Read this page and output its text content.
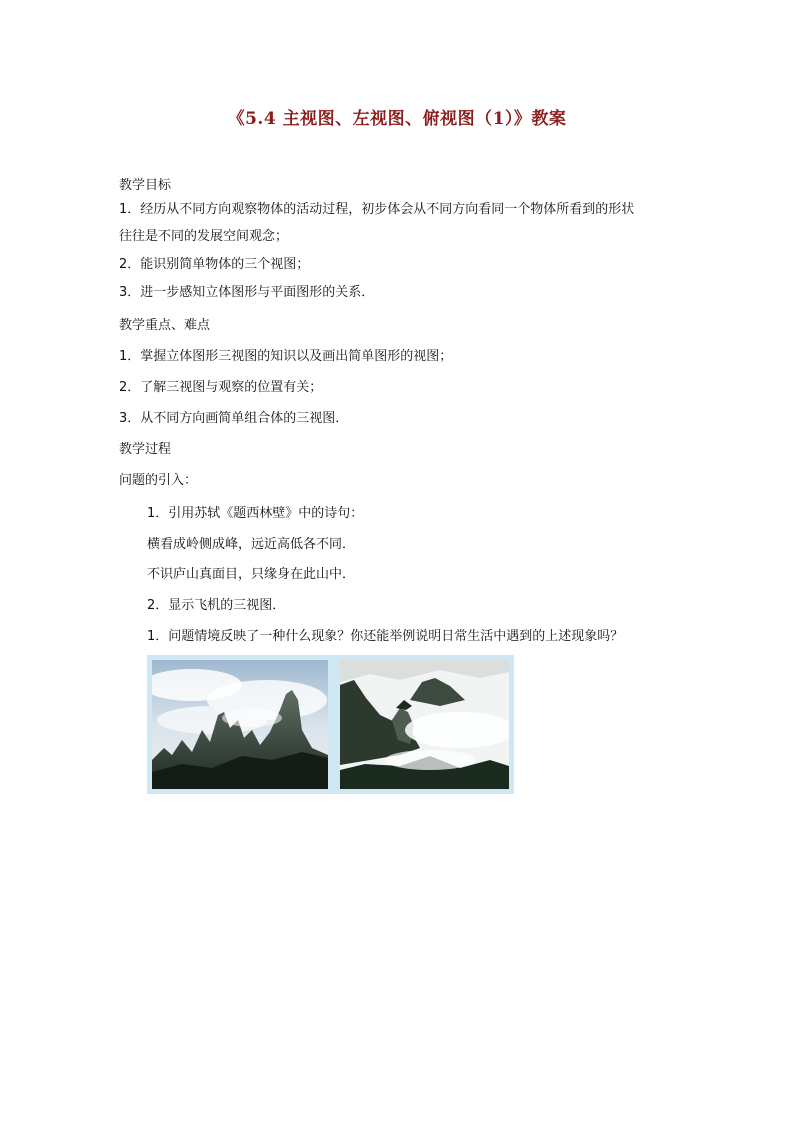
《5.4 主视图、左视图、俯视图（1）》教案
教学目标
1．经历从不同方向观察物体的活动过程，初步体会从不同方向看同一个物体所看到的形状
往往是不同的发展空间观念；
2．能识别简单物体的三个视图；
3．进一步感知立体图形与平面图形的关系．
教学重点、难点
1．掌握立体图形三视图的知识以及画出简单图形的视图；
2．了解三视图与观察的位置有关；
3．从不同方向画简单组合体的三视图．
教学过程
问题的引入：
1．引用苏轼《题西林壁》中的诗句：
横看成岭侧成峰，远近高低各不同．
不识庐山真面目，只缘身在此山中．
2．显示飞机的三视图．
1．问题情境反映了一种什么现象？你还能举例说明日常生活中遇到的上述现象吗？
